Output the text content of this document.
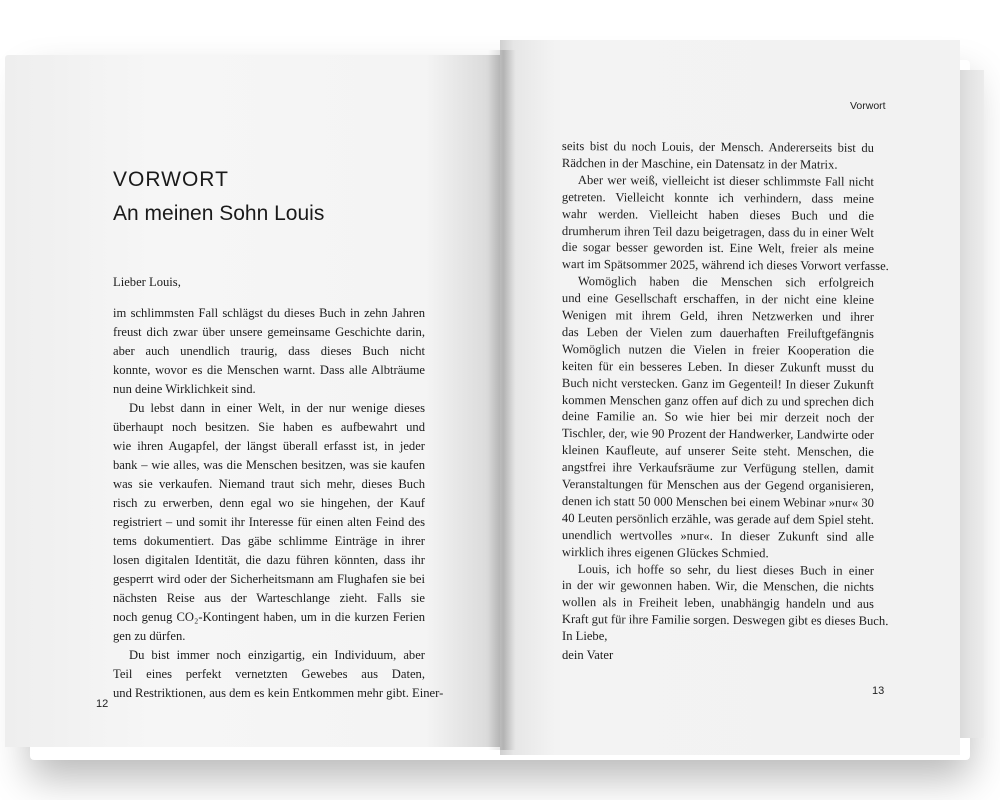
VORWORT
An meinen Sohn Louis
Lieber Louis,
im schlimmsten Fall schlägst du dieses Buch in zehn Jahren
freust dich zwar über unsere gemeinsame Geschichte darin,
aber auch unendlich traurig, dass dieses Buch nicht
konnte, wovor es die Menschen warnt. Dass alle Albträume
nun deine Wirklichkeit sind.
Du lebst dann in einer Welt, in der nur wenige dieses
überhaupt noch besitzen. Sie haben es aufbewahrt und
wie ihren Augapfel, der längst überall erfasst ist, in jeder
bank – wie alles, was die Menschen besitzen, was sie kaufen
was sie verkaufen. Niemand traut sich mehr, dieses Buch
risch zu erwerben, denn egal wo sie hingehen, der Kauf
registriert – und somit ihr Interesse für einen alten Feind des
tems dokumentiert. Das gäbe schlimme Einträge in ihrer
losen digitalen Identität, die dazu führen könnten, dass ihr
gesperrt wird oder der Sicherheitsmann am Flughafen sie bei
nächsten Reise aus der Warteschlange zieht. Falls sie
noch genug CO₂-Kontingent haben, um in die kurzen Ferien
gen zu dürfen.
Du bist immer noch einzigartig, ein Individuum, aber
Teil eines perfekt vernetzten Gewebes aus Daten,
und Restriktionen, aus dem es kein Entkommen mehr gibt. Einer-
12
Vorwort
seits bist du noch Louis, der Mensch. Andererseits bist du
Rädchen in der Maschine, ein Datensatz in der Matrix.
Aber wer weiß, vielleicht ist dieser schlimmste Fall nicht
getreten. Vielleicht konnte ich verhindern, dass meine
wahr werden. Vielleicht haben dieses Buch und die
drumherum ihren Teil dazu beigetragen, dass du in einer Welt
die sogar besser geworden ist. Eine Welt, freier als meine
wart im Spätsommer 2025, während ich dieses Vorwort verfasse.
Womöglich haben die Menschen sich erfolgreich
und eine Gesellschaft erschaffen, in der nicht eine kleine
Wenigen mit ihrem Geld, ihren Netzwerken und ihrer
das Leben der Vielen zum dauerhaften Freiluftgefängnis
Womöglich nutzen die Vielen in freier Kooperation die
keiten für ein besseres Leben. In dieser Zukunft musst du
Buch nicht verstecken. Ganz im Gegenteil! In dieser Zukunft
kommen Menschen ganz offen auf dich zu und sprechen dich
deine Familie an. So wie hier bei mir derzeit noch der
Tischler, der, wie 90 Prozent der Handwerker, Landwirte oder
kleinen Kaufleute, auf unserer Seite steht. Menschen, die
angstfrei ihre Verkaufsräume zur Verfügung stellen, damit
Veranstaltungen für Menschen aus der Gegend organisieren,
denen ich statt 50 000 Menschen bei einem Webinar »nur« 30
40 Leuten persönlich erzähle, was gerade auf dem Spiel steht.
unendlich wertvolles »nur«. In dieser Zukunft sind alle
wirklich ihres eigenen Glückes Schmied.
Louis, ich hoffe so sehr, du liest dieses Buch in einer
in der wir gewonnen haben. Wir, die Menschen, die nichts
wollen als in Freiheit leben, unabhängig handeln und aus
Kraft gut für ihre Familie sorgen. Deswegen gibt es dieses Buch.
In Liebe,
dein Vater
13
